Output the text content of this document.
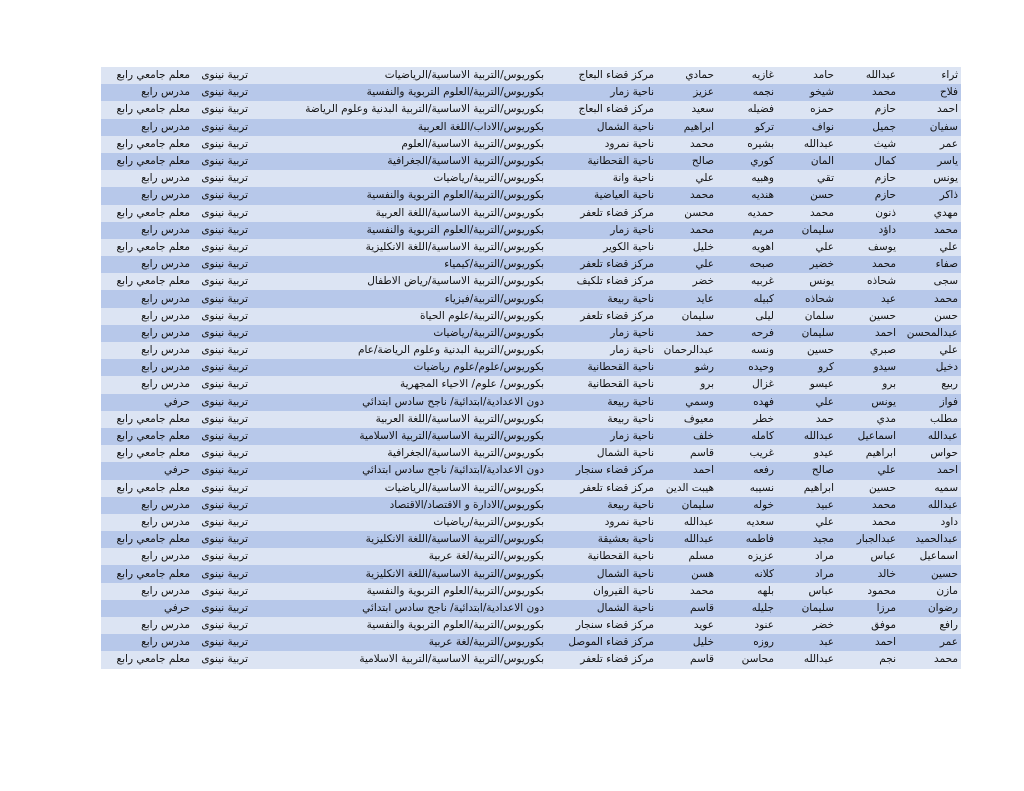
ثراء	عبدالله	حامد	غازيه	حمادي	مركز قضاء البعاج	بكوريوس/التربية الاساسية/الرياضيات	تربية نينوى	معلم جامعي رابع
فلاح	محمد	شيخو	نجمه	عزيز	ناحية زمار	بكوريوس/التربية/العلوم التربوية والنفسية	تربية نينوى	مدرس رابع
احمد	حازم	حمزه	فضيله	سعيد	مركز قضاء البعاج	بكوريوس/التربية الاساسية/التربية البدنية وعلوم الرياضة	تربية نينوى	معلم جامعي رابع
سفيان	جميل	نواف	تركو	ابراهيم	ناحية الشمال	بكوريوس/الاداب/اللغة العربية	تربية نينوى	مدرس رابع
عمر	شيث	عبدالله	بشيره	محمد	ناحية نمرود	بكوريوس/التربية الاساسية/العلوم	تربية نينوى	معلم جامعي رابع
ياسر	كمال	المان	كوري	صالح	ناحية القحطانية	بكوريوس/التربية الاساسية/الجغرافية	تربية نينوى	معلم جامعي رابع
يونس	حازم	تقي	وهبيه	علي	ناحية وانة	بكوريوس/التربية/رياضيات	تربية نينوى	مدرس رابع
ذاكر	حازم	حسن	هنديه	محمد	ناحية العياضية	بكوريوس/التربية/العلوم التربوية والنفسية	تربية نينوى	مدرس رابع
مهدي	ذنون	محمد	حمديه	محسن	مركز قضاء تلعفر	بكوريوس/التربية الاساسية/اللغة العربية	تربية نينوى	معلم جامعي رابع
محمد	داؤد	سليمان	مريم	محمد	ناحية زمار	بكوريوس/التربية/العلوم التربوية والنفسية	تربية نينوى	مدرس رابع
علي	يوسف	علي	اهويه	خليل	ناحية الكوير	بكوريوس/التربية الاساسية/اللغة الانكليزية	تربية نينوى	معلم جامعي رابع
صفاء	محمد	خضير	صبحه	علي	مركز قضاء تلعفر	بكوريوس/التربية/كيمياء	تربية نينوى	مدرس رابع
سجى	شحاذه	يونس	غربيه	خضر	مركز قضاء تلكيف	بكوريوس/التربية الاساسية/رياض الاطفال	تربية نينوى	معلم جامعي رابع
محمد	عيد	شحاذه	كبيله	عايد	ناحية ربيعة	بكوريوس/التربية/فيزياء	تربية نينوى	مدرس رابع
حسن	حسين	سلمان	ليلى	سليمان	مركز قضاء تلعفر	بكوريوس/التربية/علوم الحياة	تربية نينوى	مدرس رابع
عبدالمحسن	احمد	سليمان	فرحه	حمد	ناحية زمار	بكوريوس/التربية/رياضيات	تربية نينوى	مدرس رابع
علي	صبري	حسين	ونسه	عبدالرحمان	ناحية زمار	بكوريوس/التربية البدنية وعلوم الرياضة/عام	تربية نينوى	مدرس رابع
دخيل	سيدو	كرو	وحيده	رشو	ناحية القحطانية	بكوريوس/علوم/علوم رياضيات	تربية نينوى	مدرس رابع
ربيع	برو	عيسو	غزال	برو	ناحية القحطانية	بكوريوس/ علوم/ الاحياء المجهرية	تربية نينوى	مدرس رابع
فواز	يونس	علي	فهده	وسمي	ناحية ربيعة	دون الاعدادية/ابتدائية/ ناجح سادس ابتدائي	تربية نينوى	حرفي
مطلب	مدي	حمد	خطر	معيوف	ناحية ربيعة	بكوريوس/التربية الاساسية/اللغة العربية	تربية نينوى	معلم جامعي رابع
عبدالله	اسماعيل	عبدالله	كامله	خلف	ناحية زمار	بكوريوس/التربية الاساسية/التربية الاسلامية	تربية نينوى	معلم جامعي رابع
حواس	ابراهيم	عيدو	غريب	قاسم	ناحية الشمال	بكوريوس/التربية الاساسية/الجغرافية	تربية نينوى	معلم جامعي رابع
احمد	علي	صالح	رفعه	احمد	مركز قضاء سنجار	دون الاعدادية/ابتدائية/ ناجح سادس ابتدائي	تربية نينوى	حرفي
سميه	حسين	ابراهيم	نسيبه	هيبت الدين	مركز قضاء تلعفر	بكوريوس/التربية الاساسية/الرياضيات	تربية نينوى	معلم جامعي رابع
عبدالله	محمد	عبيد	خوله	سليمان	ناحية ربيعة	بكوريوس/الادارة و الاقتصاد/الاقتصاد	تربية نينوى	مدرس رابع
داود	محمد	علي	سعديه	عبدالله	ناحية نمرود	بكوريوس/التربية/رياضيات	تربية نينوى	مدرس رابع
عبدالحميد	عبدالجبار	مجيد	فاطمه	عبدالله	ناحية بعشيقة	بكوريوس/التربية الاساسية/اللغة الانكليزية	تربية نينوى	معلم جامعي رابع
اسماعيل	عباس	مراد	عزيزه	مسلم	ناحية القحطانية	بكوريوس/التربية/لغة عربية	تربية نينوى	مدرس رابع
حسين	خالد	مراد	كلانه	هسن	ناحية الشمال	بكوريوس/التربية الاساسية/اللغة الانكليزية	تربية نينوى	معلم جامعي رابع
مازن	محمود	عباس	بلهه	محمد	ناحية القيروان	بكوريوس/التربية/العلوم التربوية والنفسية	تربية نينوى	مدرس رابع
رضوان	مرزا	سليمان	جليله	قاسم	ناحية الشمال	دون الاعدادية/ابتدائية/ ناجح سادس ابتدائي	تربية نينوى	حرفي
رافع	موفق	خضر	عنود	عويد	مركز قضاء سنجار	بكوريوس/التربية/العلوم التربوية والنفسية	تربية نينوى	مدرس رابع
عمر	احمد	عبد	روزه	خليل	مركز قضاء الموصل	بكوريوس/التربية/لغة عربية	تربية نينوى	مدرس رابع
محمد	نجم	عبدالله	محاسن	قاسم	مركز قضاء تلعفر	بكوريوس/التربية الاساسية/التربية الاسلامية	تربية نينوى	معلم جامعي رابع
